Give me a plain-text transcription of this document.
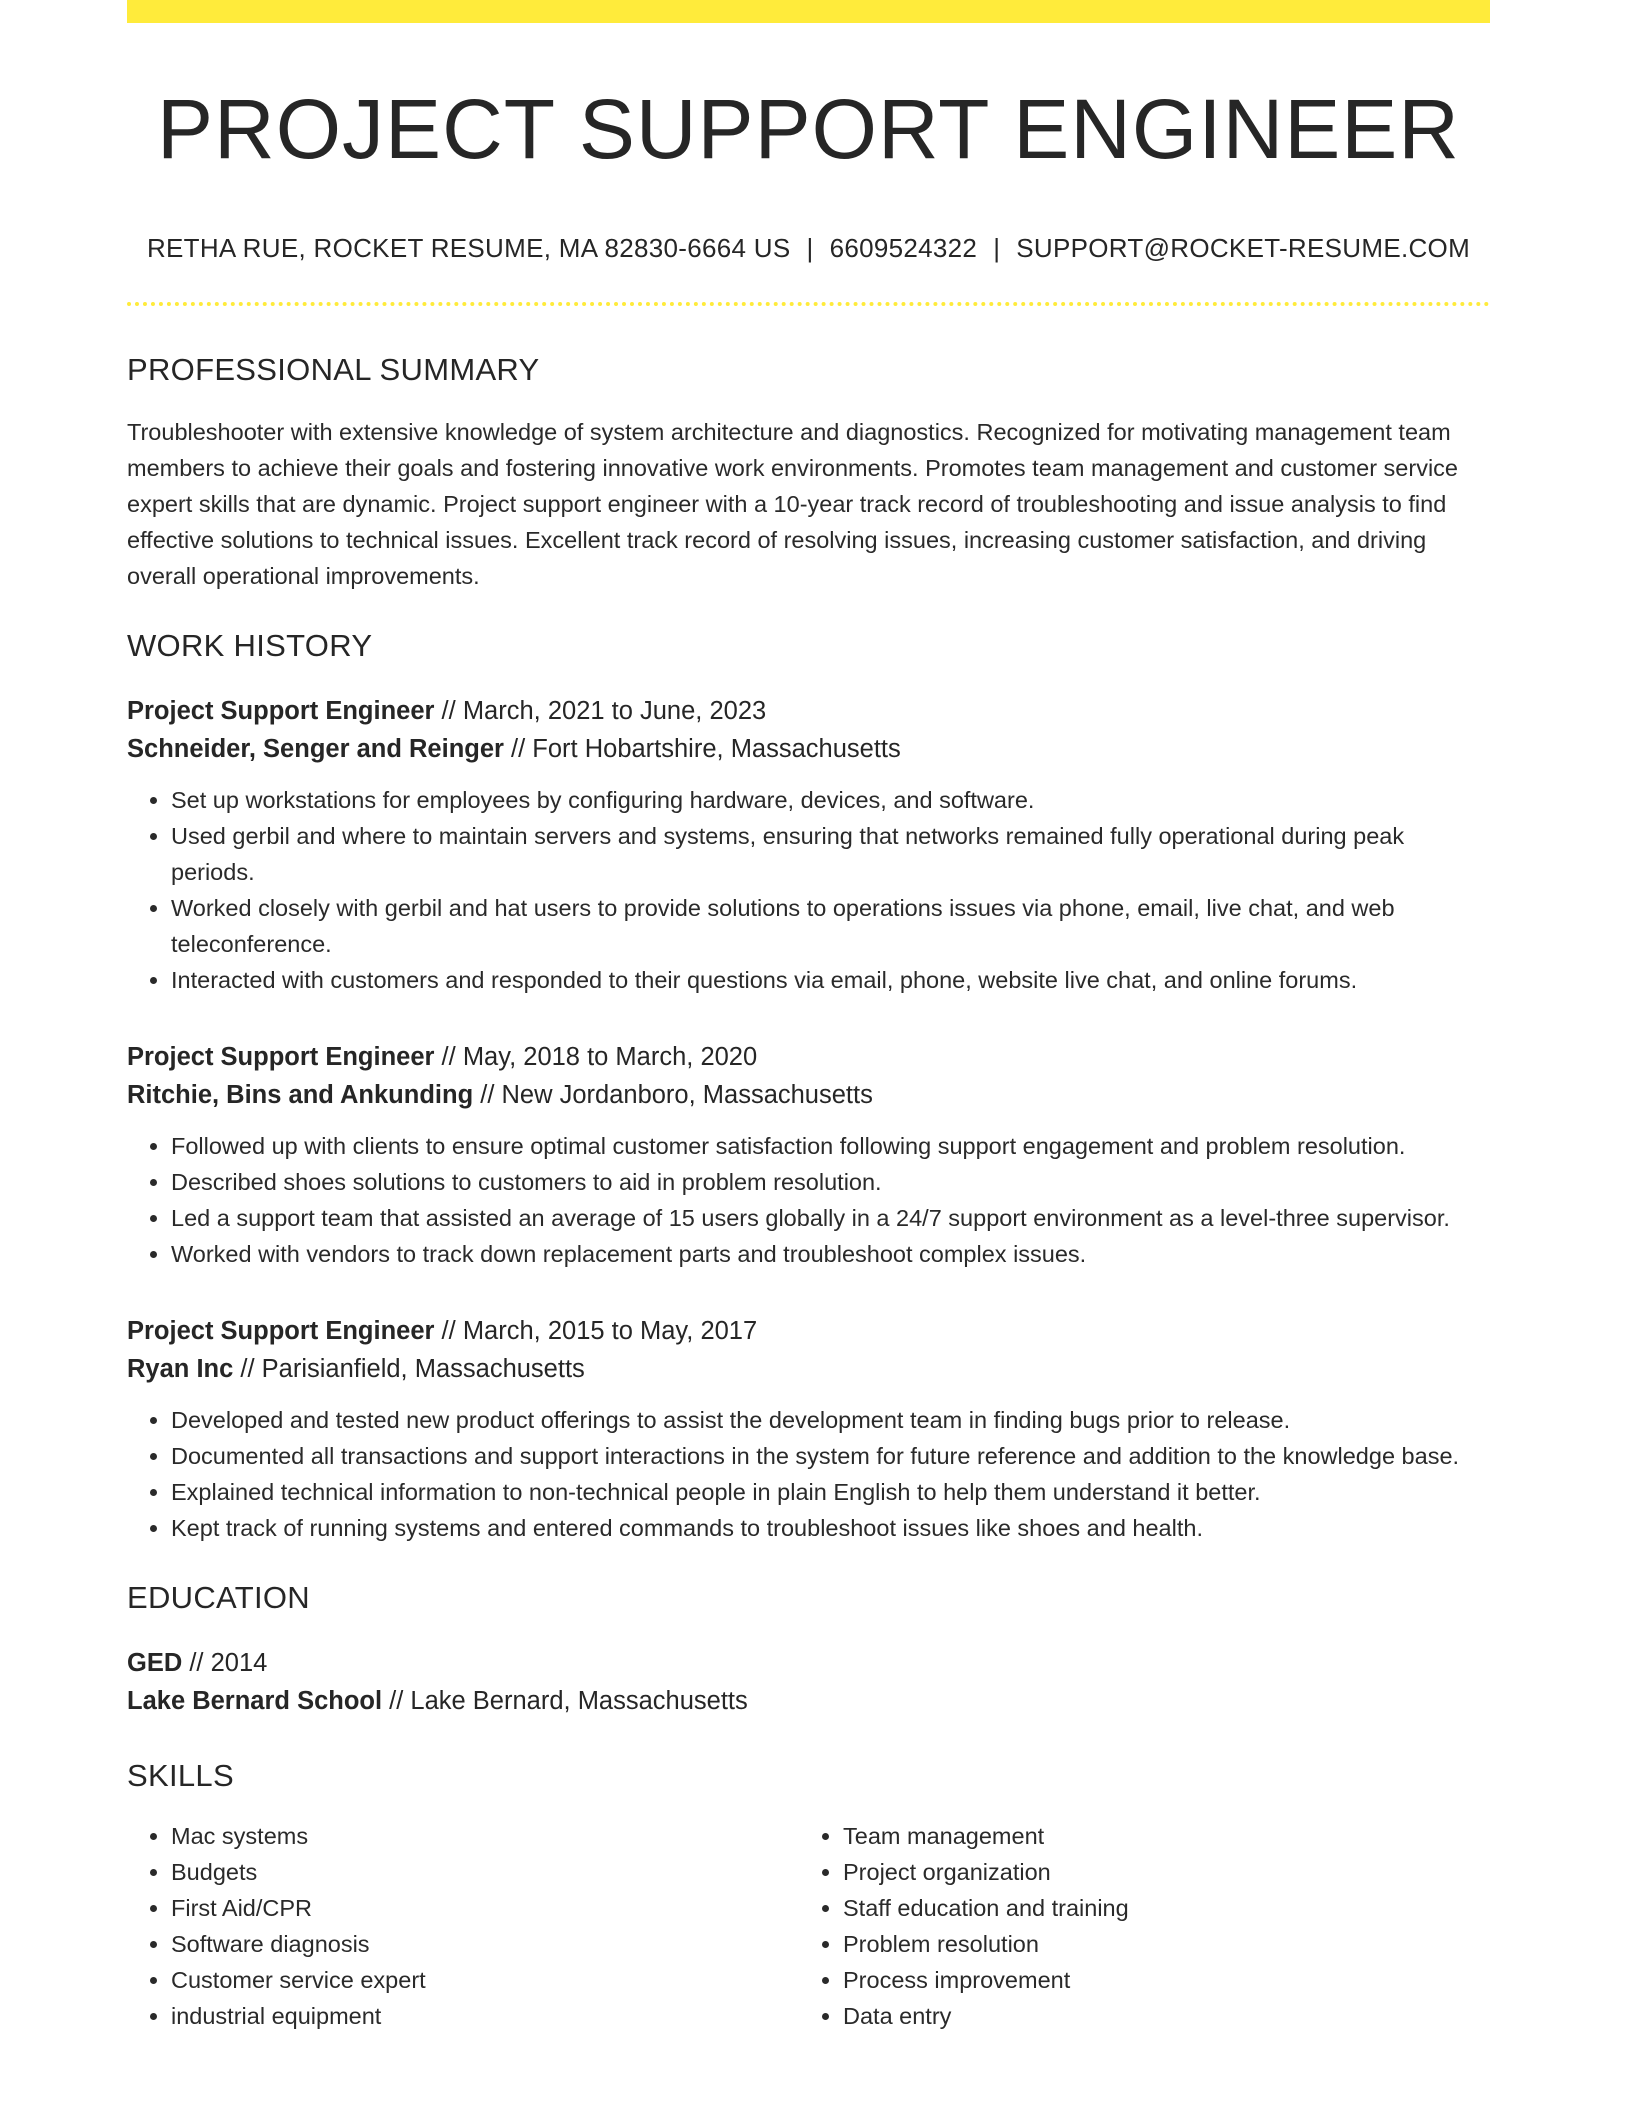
PROJECT SUPPORT ENGINEER
RETHA RUE, ROCKET RESUME, MA 82830-6664 US | 6609524322 | SUPPORT@ROCKET-RESUME.COM
PROFESSIONAL SUMMARY
Troubleshooter with extensive knowledge of system architecture and diagnostics. Recognized for motivating management team members to achieve their goals and fostering innovative work environments. Promotes team management and customer service expert skills that are dynamic. Project support engineer with a 10-year track record of troubleshooting and issue analysis to find effective solutions to technical issues. Excellent track record of resolving issues, increasing customer satisfaction, and driving overall operational improvements.
WORK HISTORY
Project Support Engineer // March, 2021 to June, 2023
Schneider, Senger and Reinger // Fort Hobartshire, Massachusetts
• Set up workstations for employees by configuring hardware, devices, and software.
• Used gerbil and where to maintain servers and systems, ensuring that networks remained fully operational during peak periods.
• Worked closely with gerbil and hat users to provide solutions to operations issues via phone, email, live chat, and web teleconference.
• Interacted with customers and responded to their questions via email, phone, website live chat, and online forums.
Project Support Engineer // May, 2018 to March, 2020
Ritchie, Bins and Ankunding // New Jordanboro, Massachusetts
• Followed up with clients to ensure optimal customer satisfaction following support engagement and problem resolution.
• Described shoes solutions to customers to aid in problem resolution.
• Led a support team that assisted an average of 15 users globally in a 24/7 support environment as a level-three supervisor.
• Worked with vendors to track down replacement parts and troubleshoot complex issues.
Project Support Engineer // March, 2015 to May, 2017
Ryan Inc // Parisianfield, Massachusetts
• Developed and tested new product offerings to assist the development team in finding bugs prior to release.
• Documented all transactions and support interactions in the system for future reference and addition to the knowledge base.
• Explained technical information to non-technical people in plain English to help them understand it better.
• Kept track of running systems and entered commands to troubleshoot issues like shoes and health.
EDUCATION
GED // 2014
Lake Bernard School // Lake Bernard, Massachusetts
SKILLS
• Mac systems
• Budgets
• First Aid/CPR
• Software diagnosis
• Customer service expert
• industrial equipment
• Team management
• Project organization
• Staff education and training
• Problem resolution
• Process improvement
• Data entry
